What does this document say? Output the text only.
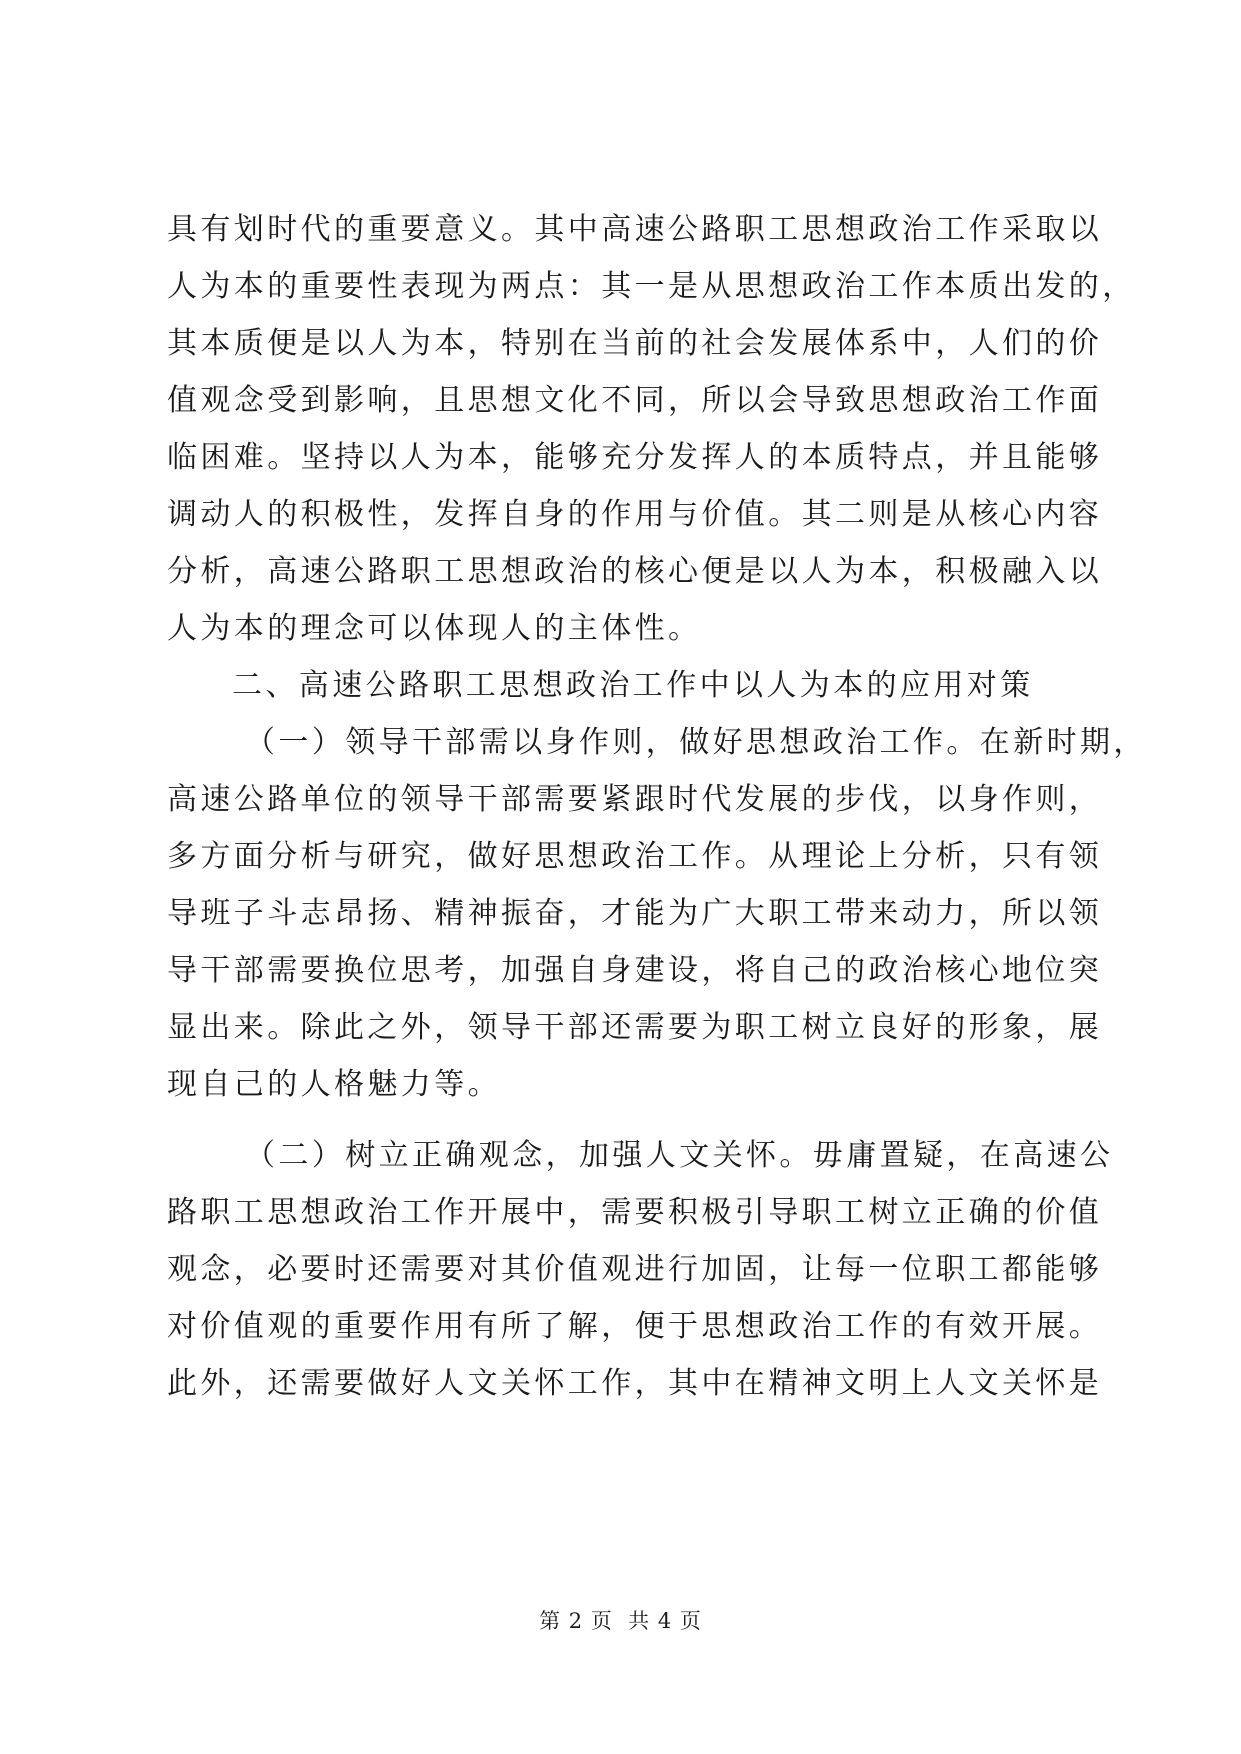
具有划时代的重要意义。其中高速公路职工思想政治工作采取以
人为本的重要性表现为两点：其一是从思想政治工作本质出发的，
其本质便是以人为本，特别在当前的社会发展体系中，人们的价
值观念受到影响，且思想文化不同，所以会导致思想政治工作面
临困难。坚持以人为本，能够充分发挥人的本质特点，并且能够
调动人的积极性，发挥自身的作用与价值。其二则是从核心内容
分析，高速公路职工思想政治的核心便是以人为本，积极融入以
人为本的理念可以体现人的主体性。
二、高速公路职工思想政治工作中以人为本的应用对策
（一）领导干部需以身作则，做好思想政治工作。在新时期，
高速公路单位的领导干部需要紧跟时代发展的步伐，以身作则，
多方面分析与研究，做好思想政治工作。从理论上分析，只有领
导班子斗志昂扬、精神振奋，才能为广大职工带来动力，所以领
导干部需要换位思考，加强自身建设，将自己的政治核心地位突
显出来。除此之外，领导干部还需要为职工树立良好的形象，展
现自己的人格魅力等。
（二）树立正确观念，加强人文关怀。毋庸置疑，在高速公
路职工思想政治工作开展中，需要积极引导职工树立正确的价值
观念，必要时还需要对其价值观进行加固，让每一位职工都能够
对价值观的重要作用有所了解，便于思想政治工作的有效开展。
此外，还需要做好人文关怀工作，其中在精神文明上人文关怀是
第 2 页  共 4 页
